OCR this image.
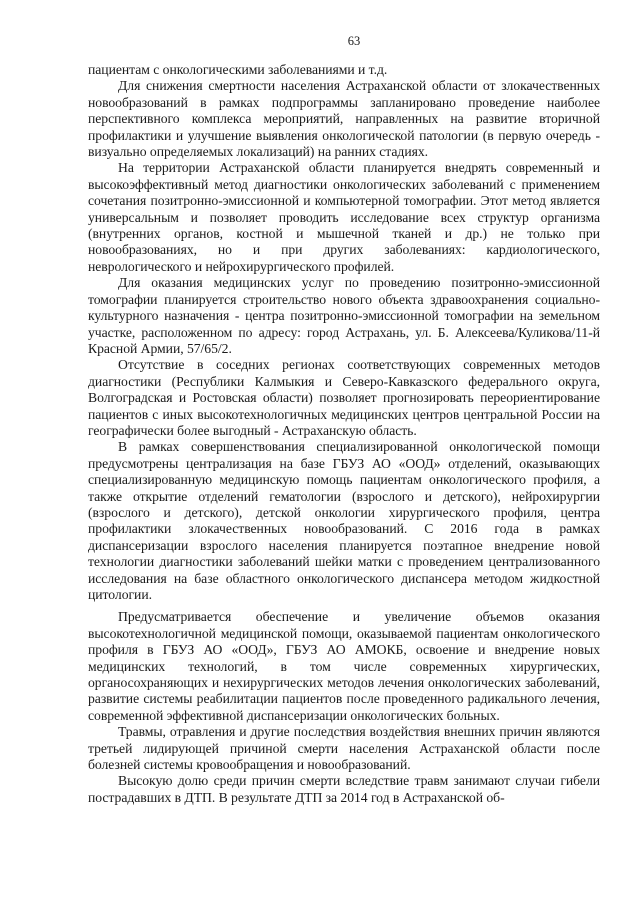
63

пациентам с онкологическими заболеваниями и т.д.

Для снижения смертности населения Астраханской области от злокачественных новообразований в рамках подпрограммы запланировано проведение наиболее перспективного комплекса мероприятий, направленных на развитие вторичной профилактики и улучшение выявления онкологической патологии (в первую очередь - визуально определяемых локализаций) на ранних стадиях.

На территории Астраханской области планируется внедрять современный и высокоэффективный метод диагностики онкологических заболеваний с применением сочетания позитронно-эмиссионной и компьютерной томографии. Этот метод является универсальным и позволяет проводить исследование всех структур организма (внутренних органов, костной и мышечной тканей и др.) не только при новообразованиях, но и при других заболеваниях: кардиологического, неврологического и нейрохирургического профилей.

Для оказания медицинских услуг по проведению позитронно-эмиссионной томографии планируется строительство нового объекта здравоохранения социально-культурного назначения - центра позитронно-эмиссионной томографии на земельном участке, расположенном по адресу: город Астрахань, ул. Б. Алексеева/Куликова/11-й Красной Армии, 57/65/2.

Отсутствие в соседних регионах соответствующих современных методов диагностики (Республики Калмыкия и Северо-Кавказского федерального округа, Волгоградская и Ростовская области) позволяет прогнозировать переориентирование пациентов с иных высокотехнологичных медицинских центров центральной России на географически более выгодный - Астраханскую область.

В рамках совершенствования специализированной онкологической помощи предусмотрены централизация на базе ГБУЗ АО «ООД» отделений, оказывающих специализированную медицинскую помощь пациентам онкологического профиля, а также открытие отделений гематологии (взрослого и детского), нейрохирургии (взрослого и детского), детской онкологии хирургического профиля, центра профилактики злокачественных новообразований. С 2016 года в рамках диспансеризации взрослого населения планируется поэтапное внедрение новой технологии диагностики заболеваний шейки матки с проведением централизованного исследования на базе областного онкологического диспансера методом жидкостной цитологии.

Предусматривается обеспечение и увеличение объемов оказания высокотехнологичной медицинской помощи, оказываемой пациентам онкологического профиля в ГБУЗ АО «ООД», ГБУЗ АО АМОКБ, освоение и внедрение новых медицинских технологий, в том числе современных хирургических, органосохраняющих и нехирургических методов лечения онкологических заболеваний, развитие системы реабилитации пациентов после проведенного радикального лечения, современной эффективной диспансеризации онкологических больных.

Травмы, отравления и другие последствия воздействия внешних причин являются третьей лидирующей причиной смерти населения Астраханской области после болезней системы кровообращения и новообразований.

Высокую долю среди причин смерти вследствие травм занимают случаи гибели пострадавших в ДТП. В результате ДТП за 2014 год в Астраханской об-
